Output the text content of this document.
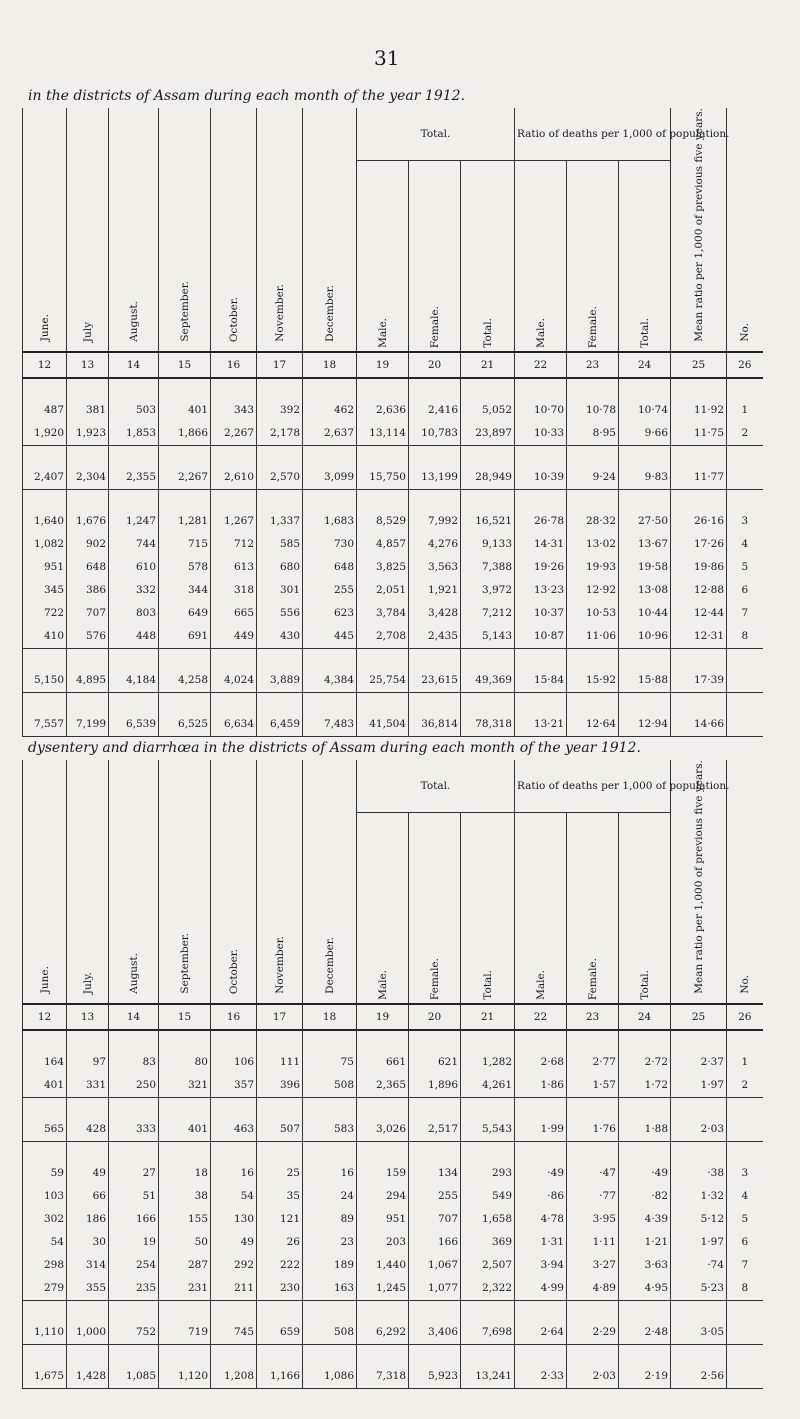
31
in the districts of Assam during each month of the year 1912.
June.	July	August.	September.	October.	November.	December.	Total.			Ratio of deaths per 1,000 of population.			Mean ratio per 1,000 of previous five years.	No.
							Male.	Female.	Total.	Male.	Female.	Total.		
12	13	14	15	16	17	18	19	20	21	22	23	24	25	26

487	381	503	401	343	392	462	2,636	2,416	5,052	10·70	10·78	10·74	11·92	1
1,920	1,923	1,853	1,866	2,267	2,178	2,637	13,114	10,783	23,897	10·33	8·95	9·66	11·75	2

2,407	2,304	2,355	2,267	2,610	2,570	3,099	15,750	13,199	28,949	10·39	9·24	9·83	11·77	

1,640	1,676	1,247	1,281	1,267	1,337	1,683	8,529	7,992	16,521	26·78	28·32	27·50	26·16	3
1,082	902	744	715	712	585	730	4,857	4,276	9,133	14·31	13·02	13·67	17·26	4
951	648	610	578	613	680	648	3,825	3,563	7,388	19·26	19·93	19·58	19·86	5
345	386	332	344	318	301	255	2,051	1,921	3,972	13·23	12·92	13·08	12·88	6
722	707	803	649	665	556	623	3,784	3,428	7,212	10·37	10·53	10·44	12·44	7
410	576	448	691	449	430	445	2,708	2,435	5,143	10·87	11·06	10·96	12·31	8

5,150	4,895	4,184	4,258	4,024	3,889	4,384	25,754	23,615	49,369	15·84	15·92	15·88	17·39	

7,557	7,199	6,539	6,525	6,634	6,459	7,483	41,504	36,814	78,318	13·21	12·64	12·94	14·66	
dysentery and diarrhœa in the districts of Assam during each month of the year 1912.
June.	July.	August.	September.	October.	November.	December.	Total.			Ratio of deaths per 1,000 of population.			Mean ratio per 1,000 of previous five years.	No.
							Male.	Female.	Total.	Male.	Female.	Total.		
12	13	14	15	16	17	18	19	20	21	22	23	24	25	26

164	97	83	80	106	111	75	661	621	1,282	2·68	2·77	2·72	2·37	1
401	331	250	321	357	396	508	2,365	1,896	4,261	1·86	1·57	1·72	1·97	2

565	428	333	401	463	507	583	3,026	2,517	5,543	1·99	1·76	1·88	2·03	

59	49	27	18	16	25	16	159	134	293	·49	·47	·49	·38	3
103	66	51	38	54	35	24	294	255	549	·86	·77	·82	1·32	4
302	186	166	155	130	121	89	951	707	1,658	4·78	3·95	4·39	5·12	5
54	30	19	50	49	26	23	203	166	369	1·31	1·11	1·21	1·97	6
298	314	254	287	292	222	189	1,440	1,067	2,507	3·94	3·27	3·63	·74	7
279	355	235	231	211	230	163	1,245	1,077	2,322	4·99	4·89	4·95	5·23	8

1,110	1,000	752	719	745	659	508	6,292	3,406	7,698	2·64	2·29	2·48	3·05	

1,675	1,428	1,085	1,120	1,208	1,166	1,086	7,318	5,923	13,241	2·33	2·03	2·19	2·56	
